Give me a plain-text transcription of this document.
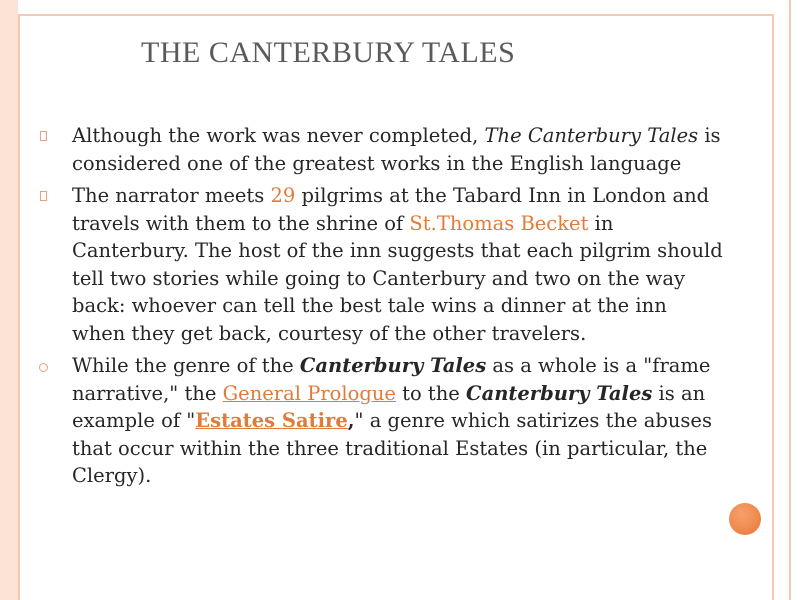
THE CANTERBURY TALES
Although the work was never completed, The Canterbury Tales is considered one of the greatest works in the English language
The narrator meets 29 pilgrims at the Tabard Inn in London and travels with them to the shrine of St.Thomas Becket in Canterbury. The host of the inn suggests that each pilgrim should tell two stories while going to Canterbury and two on the way back: whoever can tell the best tale wins a dinner at the inn when they get back, courtesy of the other travelers.
While the genre of the Canterbury Tales as a whole is a "frame narrative," the General Prologue to the Canterbury Tales is an example of "Estates Satire," a genre which satirizes the abuses that occur within the three traditional Estates (in particular, the Clergy).
